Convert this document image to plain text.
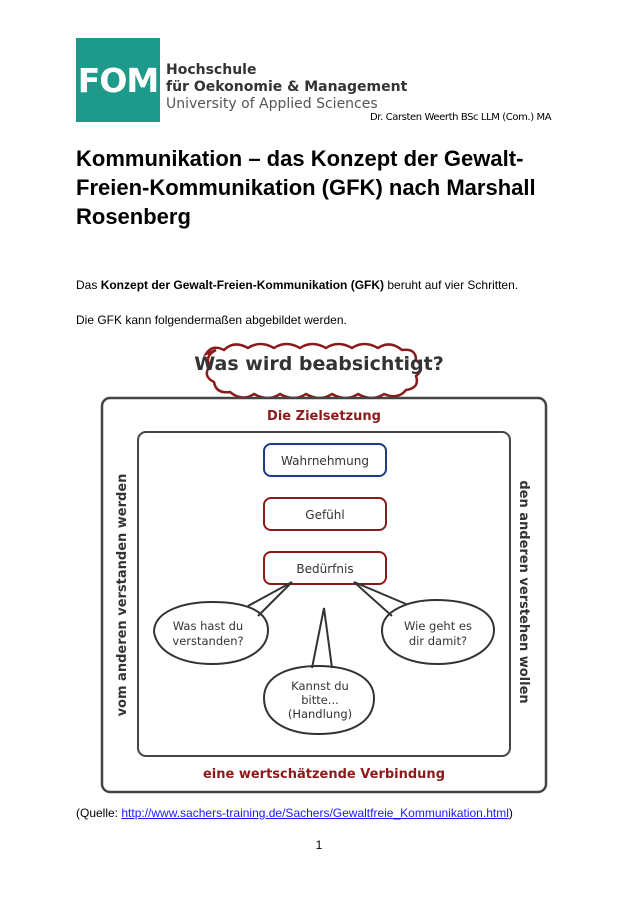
FOM Hochschule
für Oekonomie & Management
University of Applied Sciences
Dr. Carsten Weerth BSc LLM (Com.) MA
Kommunikation – das Konzept der Gewalt-Freien-Kommunikation (GFK) nach Marshall Rosenberg
Das Konzept der Gewalt-Freien-Kommunikation (GFK) beruht auf vier Schritten.
Die GFK kann folgendermaßen abgebildet werden.
Was wird beabsichtigt?
Die Zielsetzung
eine wertschätzende Verbindung
vom anderen verstanden werden	den anderen verstehen wollen
Wahrnehmung
Gefühl
Bedürfnis
Was hast du
verstanden?
Wie geht es
dir damit?
Kannst du
bitte...
(Handlung)
(Quelle: http://www.sachers-training.de/Sachers/Gewaltfreie_Kommunikation.html)
1
